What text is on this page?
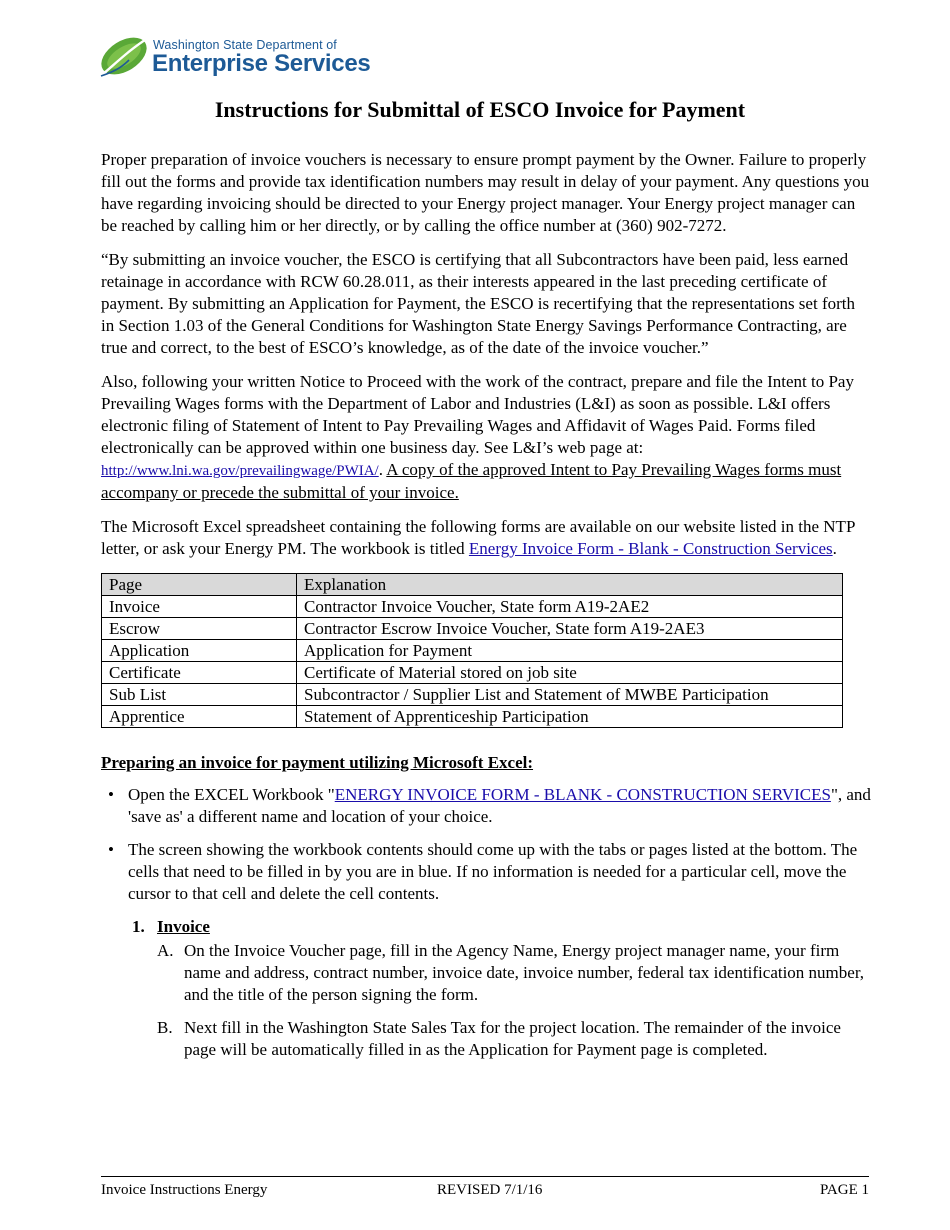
Washington State Department of
Enterprise Services
Instructions for Submittal of ESCO Invoice for Payment

Proper preparation of invoice vouchers is necessary to ensure prompt payment by the Owner. Failure to properly fill out the forms and provide tax identification numbers may result in delay of your payment. Any questions you have regarding invoicing should be directed to your Energy project manager. Your Energy project manager can be reached by calling him or her directly, or by calling the office number at (360) 902-7272.

“By submitting an invoice voucher, the ESCO is certifying that all Subcontractors have been paid, less earned retainage in accordance with RCW 60.28.011, as their interests appeared in the last preceding certificate of payment. By submitting an Application for Payment, the ESCO is recertifying that the representations set forth in Section 1.03 of the General Conditions for Washington State Energy Savings Performance Contracting, are true and correct, to the best of ESCO’s knowledge, as of the date of the invoice voucher.”

Also, following your written Notice to Proceed with the work of the contract, prepare and file the Intent to Pay Prevailing Wages forms with the Department of Labor and Industries (L&I) as soon as possible. L&I offers electronic filing of Statement of Intent to Pay Prevailing Wages and Affidavit of Wages Paid. Forms filed electronically can be approved within one business day. See L&I’s web page at: http://www.lni.wa.gov/prevailingwage/PWIA/. A copy of the approved Intent to Pay Prevailing Wages forms must accompany or precede the submittal of your invoice.

The Microsoft Excel spreadsheet containing the following forms are available on our website listed in the NTP letter, or ask your Energy PM. The workbook is titled Energy Invoice Form - Blank - Construction Services.

Page	Explanation
Invoice	Contractor Invoice Voucher, State form A19-2AE2
Escrow	Contractor Escrow Invoice Voucher, State form A19-2AE3
Application	Application for Payment
Certificate	Certificate of Material stored on job site
Sub List	Subcontractor / Supplier List and Statement of MWBE Participation
Apprentice	Statement of Apprenticeship Participation
Preparing an invoice for payment utilizing Microsoft Excel:
• Open the EXCEL Workbook "ENERGY INVOICE FORM - BLANK - CONSTRUCTION SERVICES", and 'save as' a different name and location of your choice.
• The screen showing the workbook contents should come up with the tabs or pages listed at the bottom. The cells that need to be filled in by you are in blue. If no information is needed for a particular cell, move the cursor to that cell and delete the cell contents.
1. Invoice
A. On the Invoice Voucher page, fill in the Agency Name, Energy project manager name, your firm name and address, contract number, invoice date, invoice number, federal tax identification number, and the title of the person signing the form.
B. Next fill in the Washington State Sales Tax for the project location. The remainder of the invoice page will be automatically filled in as the Application for Payment page is completed.
Invoice Instructions Energy	REVISED 7/1/16	PAGE 1
